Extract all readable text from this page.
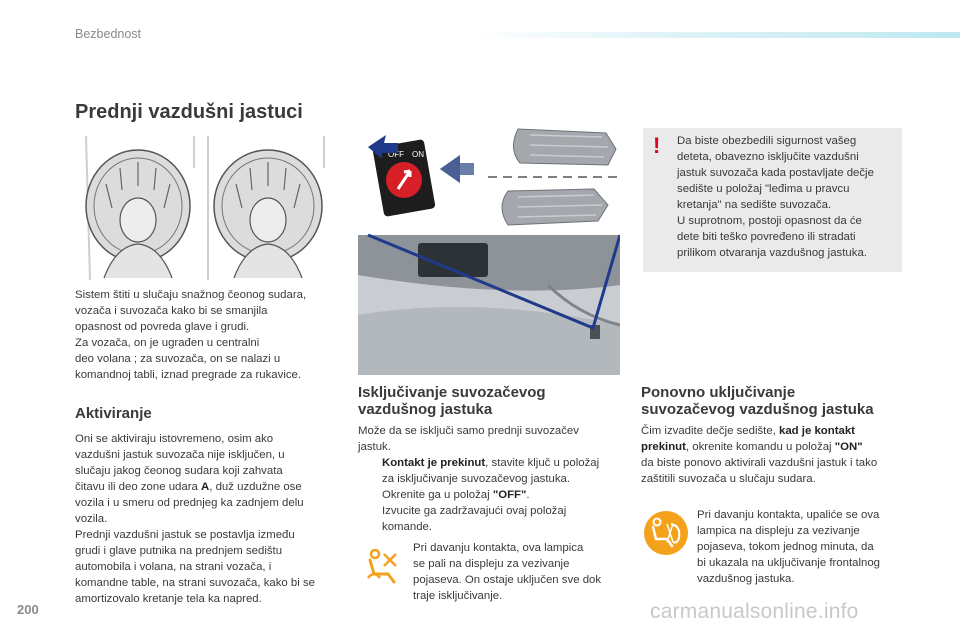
Bezbednost
Prednji vazdušni jastuci
OFF ON	! Da biste obezbedili sigurnost vašeg
deteta, obavezno isključite vazdušni
jastuk suvozača kada postavljate dečje
sedište u položaj "leđima u pravcu
kretanja" na sedište suvozača.
U suprotnom, postoji opasnost da će
dete biti teško povređeno ili stradati
prilikom otvaranja vazdušnog jastuka.
Sistem štiti u slučaju snažnog čeonog sudara,
vozača i suvozača kako bi se smanjila
opasnost od povreda glave i grudi.
Za vozača, on je ugrađen u centralni
deo volana ; za suvozača, on se nalazi u
komandnoj tabli, iznad pregrade za rukavice.
Aktiviranje
Oni se aktiviraju istovremeno, osim ako
vazdušni jastuk suvozača nije isključen, u
slučaju jakog čeonog sudara koji zahvata
čitavu ili deo zone udara A, duž uzdužne ose
vozila i u smeru od prednjeg ka zadnjem delu
vozila.
Prednji vazdušni jastuk se postavlja između
grudi i glave putnika na prednjem sedištu
automobila i volana, na strani vozača, i
komandne table, na strani suvozača, kako bi se
amortizovalo kretanje tela ka napred.
Isključivanje suvozačevog
vazdušnog jastuka
Može da se isključi samo prednji suvozačev
jastuk.
Kontakt je prekinut, stavite ključ u položaj
za isključivanje suvozačevog jastuka.
Okrenite ga u položaj "OFF".
Izvucite ga zadržavajući ovaj položaj
komande.
Pri davanju kontakta, ova lampica
se pali na displeju za vezivanje
pojaseva. On ostaje uključen sve dok
traje isključivanje.
Ponovno uključivanje
suvozačevog vazdušnog jastuka
Čim izvadite dečje sedište, kad je kontakt
prekinut, okrenite komandu u položaj "ON"
da biste ponovo aktivirali vazdušni jastuk i tako
zaštitili suvozača u slučaju sudara.
Pri davanju kontakta, upaliće se ova
lampica na displeju za vezivanje
pojaseva, tokom jednog minuta, da
bi ukazala na uključivanje frontalnog
vazdušnog jastuka.
200	carmanualsonline.info
